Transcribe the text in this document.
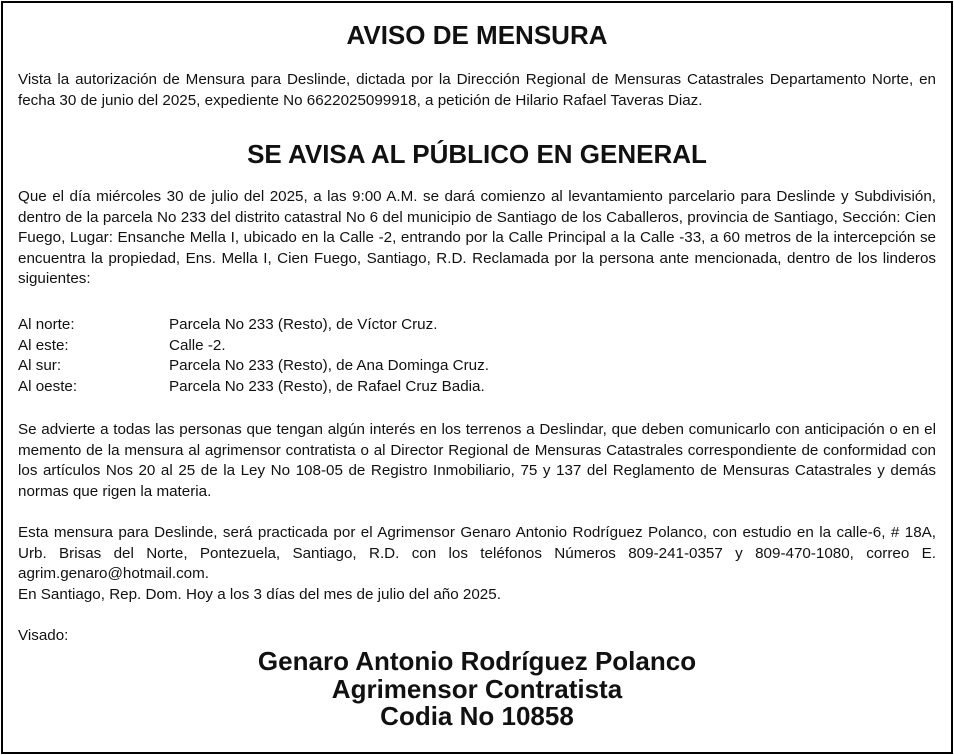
AVISO DE MENSURA

Vista la autorización de Mensura para Deslinde, dictada por la Dirección Regional de Mensuras Catastrales Departamento Norte, en fecha 30 de junio del 2025, expediente No 6622025099918, a petición de Hilario Rafael Taveras Diaz.

SE AVISA AL PÚBLICO EN GENERAL

Que el día miércoles 30 de julio del 2025, a las 9:00 A.M. se dará comienzo al levantamiento parcelario para Deslinde y Subdivisión, dentro de la parcela No 233 del distrito catastral No 6 del municipio de Santiago de los Caballeros, provincia de Santiago, Sección: Cien Fuego, Lugar: Ensanche Mella I, ubicado en la Calle -2, entrando por la Calle Principal a la Calle -33, a 60 metros de la intercepción se encuentra la propiedad, Ens. Mella I, Cien Fuego, Santiago, R.D. Reclamada por la persona ante mencionada, dentro de los linderos siguientes:

Al norte:	Parcela No 233 (Resto), de Víctor Cruz.
Al este:	Calle -2.
Al sur:	Parcela No 233 (Resto), de Ana Dominga Cruz.
Al oeste:	Parcela No 233 (Resto), de Rafael Cruz Badia.

Se advierte a todas las personas que tengan algún interés en los terrenos a Deslindar, que deben comunicarlo con anticipación o en el memento de la mensura al agrimensor contratista o al Director Regional de Mensuras Catastrales correspondiente de conformidad con los artículos Nos 20 al 25 de la Ley No 108-05 de Registro Inmobiliario, 75 y 137 del Reglamento de Mensuras Catastrales y demás normas que rigen la materia.

Esta mensura para Deslinde, será practicada por el Agrimensor Genaro Antonio Rodríguez Polanco, con estudio en la calle-6, # 18A, Urb. Brisas del Norte, Pontezuela, Santiago, R.D. con los teléfonos Números 809-241-0357 y 809-470-1080, correo E. agrim.genaro@hotmail.com.

En Santiago, Rep. Dom. Hoy a los 3 días del mes de julio del año 2025.

Visado:

Genaro Antonio Rodríguez Polanco
Agrimensor Contratista
Codia No 10858
